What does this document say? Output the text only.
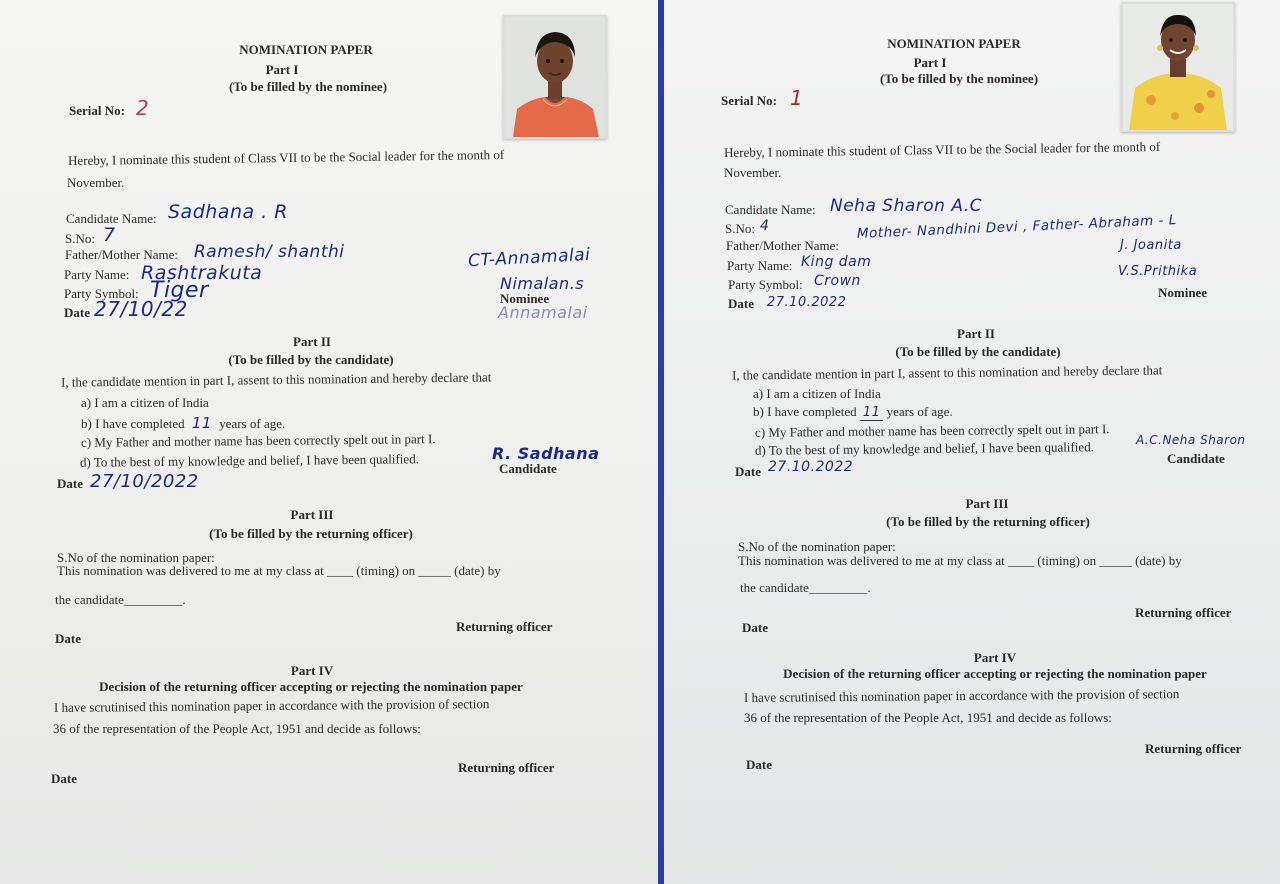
NOMINATION PAPER
Part I
(To be filled by the nominee)
Serial No: 2
Hereby, I nominate this student of Class VII to be the Social leader for the month of
November.
Candidate Name: Sadhana . R
S.No: 7
Father/Mother Name: Ramesh/ shanthi
Party Name: Rashtrakuta
Party Symbol: Tiger
Date 27/10/22
CT-Annamalai
Nimalan.s
Nominee
Annamalai
Part II
(To be filled by the candidate)
I, the candidate mention in part I, assent to this nomination and hereby declare that
a) I am a citizen of India
b) I have completed 11 years of age.
c) My Father and mother name has been correctly spelt out in part I.
d) To the best of my knowledge and belief, I have been qualified.	R. Sadhana
Candidate
Date 27/10/2022
Part III
(To be filled by the returning officer)
S.No of the nomination paper:
This nomination was delivered to me at my class at ____ (timing) on _____ (date) by
the candidate_________.
Date
Returning officer
Part IV
Decision of the returning officer accepting or rejecting the nomination paper
I have scrutinised this nomination paper in accordance with the provision of section
36 of the representation of the People Act, 1951 and decide as follows:
Date
Returning officer
NOMINATION PAPER
Part I
(To be filled by the nominee)
Serial No: 1
Hereby, I nominate this student of Class VII to be the Social leader for the month of
November.
Candidate Name: Neha Sharon A.C
S.No: 4
Father/Mother Name:
Mother- Nandhini Devi , Father- Abraham - L
Party Name: King dam
Party Symbol: Crown
Date 27.10.2022
J. Joanita
V.S.Prithika
Nominee
Part II
(To be filled by the candidate)
I, the candidate mention in part I, assent to this nomination and hereby declare that
a) I am a citizen of India
b) I have completed 11 years of age.
c) My Father and mother name has been correctly spelt out in part I.
d) To the best of my knowledge and belief, I have been qualified.	A.C.Neha Sharon
Candidate
Date 27.10.2022
Part III
(To be filled by the returning officer)
S.No of the nomination paper:
This nomination was delivered to me at my class at ____ (timing) on _____ (date) by
the candidate_________.
Date
Returning officer
Part IV
Decision of the returning officer accepting or rejecting the nomination paper
I have scrutinised this nomination paper in accordance with the provision of section
36 of the representation of the People Act, 1951 and decide as follows:
Date
Returning officer
